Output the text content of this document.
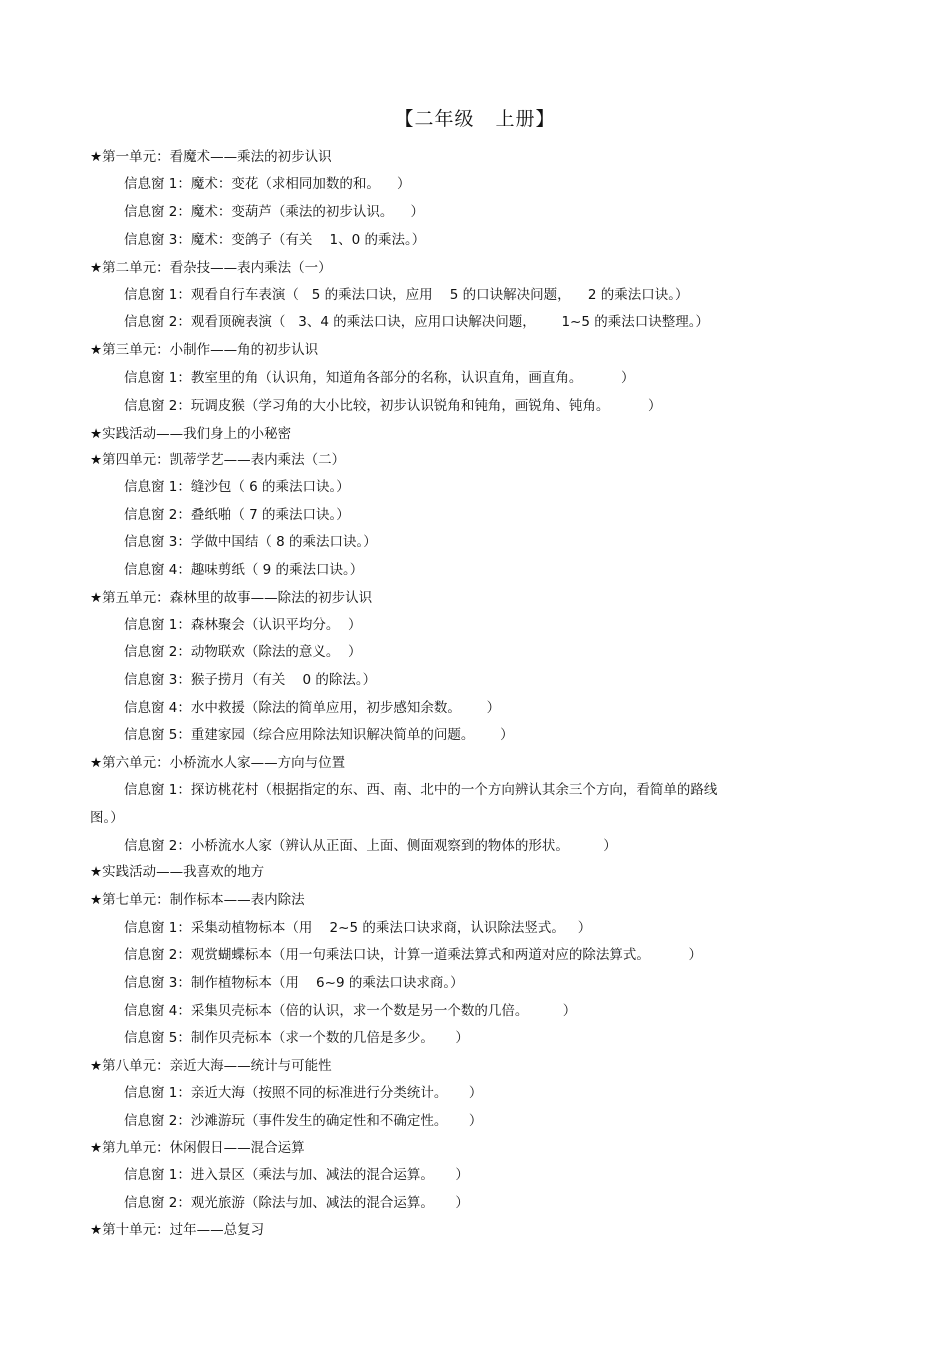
【二年级   上册】
★第一单元：看魔术——乘法的初步认识
信息窗 1：魔术：变花（求相同加数的和。    ）
信息窗 2：魔术：变葫芦（乘法的初步认识。    ）
信息窗 3：魔术：变鸽子（有关    1、0 的乘法。）
★第二单元：看杂技——表内乘法（一）
信息窗 1：观看自行车表演（   5 的乘法口诀，应用    5 的口诀解决问题，    2 的乘法口诀。）
信息窗 2：观看顶碗表演（   3、4 的乘法口诀，应用口诀解决问题，      1~5 的乘法口诀整理。）
★第三单元：小制作——角的初步认识
信息窗 1：教室里的角（认识角，知道角各部分的名称，认识直角，画直角。         ）
信息窗 2：玩调皮猴（学习角的大小比较，初步认识锐角和钝角，画锐角、钝角。         ）
★实践活动——我们身上的小秘密
★第四单元：凯蒂学艺——表内乘法（二）
信息窗 1：缝沙包（ 6 的乘法口诀。）
信息窗 2：叠纸啪（ 7 的乘法口诀。）
信息窗 3：学做中国结（ 8 的乘法口诀。）
信息窗 4：趣味剪纸（ 9 的乘法口诀。）
★第五单元：森林里的故事——除法的初步认识
信息窗 1：森林聚会（认识平均分。  ）
信息窗 2：动物联欢（除法的意义。  ）
信息窗 3：猴子捞月（有关    0 的除法。）
信息窗 4：水中救援（除法的简单应用，初步感知余数。      ）
信息窗 5：重建家园（综合应用除法知识解决简单的问题。      ）
★第六单元：小桥流水人家——方向与位置
信息窗 1：探访桃花村（根据指定的东、西、南、北中的一个方向辨认其余三个方向，看简单的路线
图。）
信息窗 2：小桥流水人家（辨认从正面、上面、侧面观察到的物体的形状。        ）
★实践活动——我喜欢的地方
★第七单元：制作标本——表内除法
信息窗 1：采集动植物标本（用    2~5 的乘法口诀求商，认识除法竖式。   ）
信息窗 2：观赏蝴蝶标本（用一句乘法口诀，计算一道乘法算式和两道对应的除法算式。         ）
信息窗 3：制作植物标本（用    6~9 的乘法口诀求商。）
信息窗 4：采集贝壳标本（倍的认识，求一个数是另一个数的几倍。        ）
信息窗 5：制作贝壳标本（求一个数的几倍是多少。     ）
★第八单元：亲近大海——统计与可能性
信息窗 1：亲近大海（按照不同的标准进行分类统计。     ）
信息窗 2：沙滩游玩（事件发生的确定性和不确定性。     ）
★第九单元：休闲假日——混合运算
信息窗 1：进入景区（乘法与加、减法的混合运算。     ）
信息窗 2：观光旅游（除法与加、减法的混合运算。     ）
★第十单元：过年——总复习
